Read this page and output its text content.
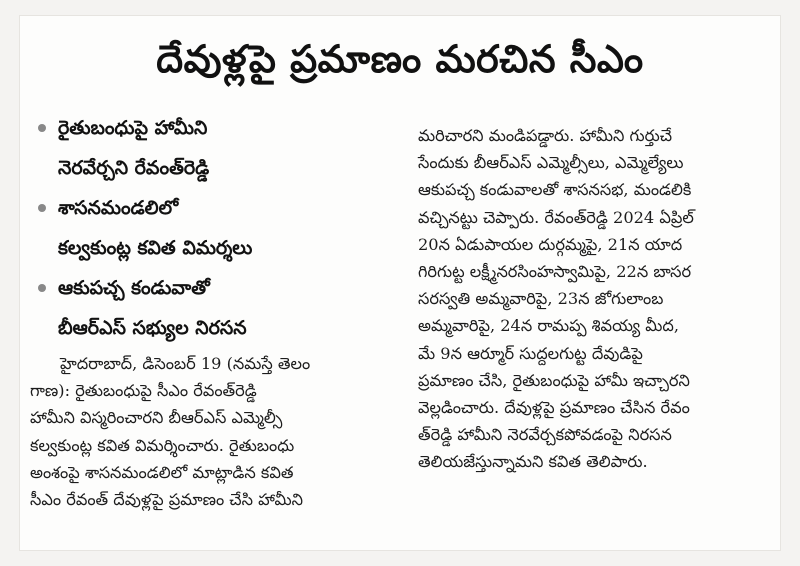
దేవుళ్లపై ప్రమాణం మరచిన సీఎం
రైతుబంధుపై హామీని
నెరవేర్చని రేవంత్‌రెడ్డి
శాసనమండలిలో
కల్వకుంట్ల కవిత విమర్శలు
ఆకుపచ్చ కండువాతో
బీఆర్‌ఎస్ సభ్యుల నిరసన
హైదరాబాద్, డిసెంబర్ 19 (నమస్తే తెలం
గాణ): రైతుబంధుపై సీఎం రేవంత్‌రెడ్డి
హామీని విస్మరించారని బీఆర్‌ఎస్ ఎమ్మెల్సీ
కల్వకుంట్ల కవిత విమర్శించారు. రైతుబంధు
అంశంపై శాసనమండలిలో మాట్లాడిన కవిత
సీఎం రేవంత్ దేవుళ్లపై ప్రమాణం చేసి హామీని
మరిచారని మండిపడ్డారు. హామీని గుర్తుచే
సేందుకు బీఆర్‌ఎస్ ఎమ్మెల్సీలు, ఎమ్మెల్యేలు
ఆకుపచ్చ కండువాలతో శాసనసభ, మండలికి
వచ్చినట్టు చెప్పారు. రేవంత్‌రెడ్డి 2024 ఏప్రిల్
20న ఏడుపాయల దుర్గమ్మపై, 21న యాద
గిరిగుట్ట లక్ష్మీనరసింహస్వామిపై, 22న బాసర
సరస్వతి అమ్మవారిపై, 23న జోగులాంబ
అమ్మవారిపై, 24న రామప్ప శివయ్య మీద,
మే 9న ఆర్మూర్ సుద్దలగుట్ట దేవుడిపై
ప్రమాణం చేసి, రైతుబంధుపై హామీ ఇచ్చారని
వెల్లడించారు. దేవుళ్లపై ప్రమాణం చేసిన రేవం
త్‌రెడ్డి హామీని నెరవేర్చకపోవడంపై నిరసన
తెలియజేస్తున్నామని కవిత తెలిపారు.
